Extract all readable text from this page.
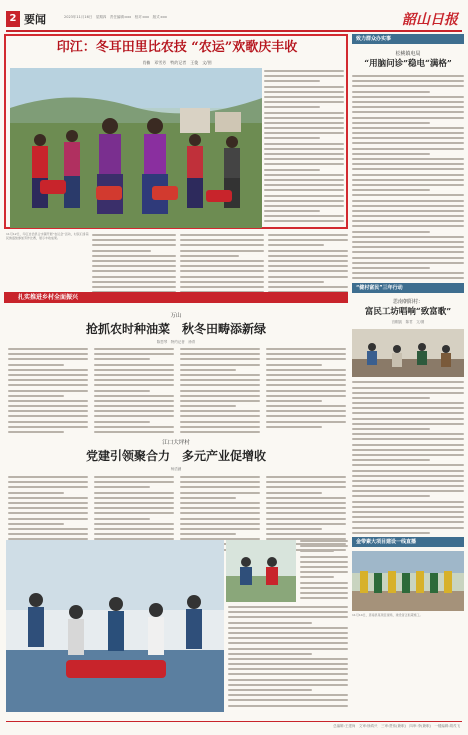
2 要闻	2023年11月16日　星期四　责任编辑:xxx　校对:xxx　版式:xxx	韶山日报
印江：冬耳田里比农技 “农运”欢歌庆丰收
肖楠　邓雪芳　特约记者　王俊　文/图
11月12日，印江自治县合水镇开展“农运会”活动，村民们身着民族盛装参加劳作比赛，展示丰收成果。
致力群众办实事
松桃镇电局
“用脑问诊”稳电“满格”
“健村富民”三年行动
思南朝阳村：
富民工坊唱响“致富歌”
宫帽凯　陈君　文/图
金带素大项目建设一线直播
11月14日，思南县某项目现场，建设者正抓紧施工。
扎实推进乡村全面振兴
万山
抢抓农时种油菜　秋冬田畴添新绿
陈思琴　特约记者　徐青
江口大坪村
党建引领聚合力　多元产业促增收
杨语涵
总编辑:王建尚　文审:徐鸿兴　三审:贾伟(兼职)　四审:李(兼职)　一楼编辑:胡茂飞
